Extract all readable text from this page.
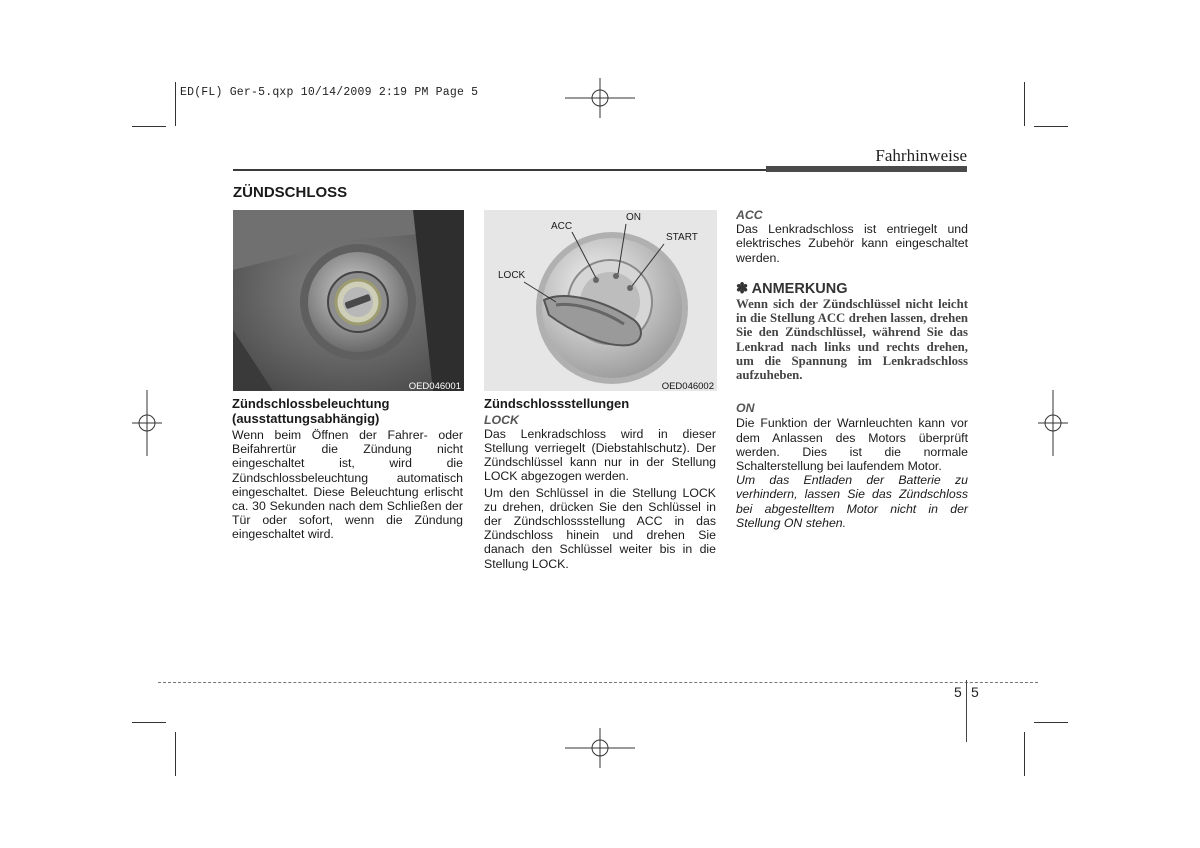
ED(FL) Ger-5.qxp 10/14/2009 2:19 PM Page 5
Fahrhinweise
ZÜNDSCHLOSS
OED046001
ON
ACC
START
LOCK
OED046002
Zündschlossbeleuchtung (ausstattungsabhängig)

Wenn beim Öffnen der Fahrer- oder Beifahrertür die Zündung nicht eingeschaltet ist, wird die Zündschlossbeleuchtung automatisch eingeschaltet. Diese Beleuchtung erlischt ca. 30 Sekunden nach dem Schließen der Tür oder sofort, wenn die Zündung eingeschaltet wird.

Zündschlossstellungen
LOCK

Das Lenkradschloss wird in dieser Stellung verriegelt (Diebstahlschutz). Der Zündschlüssel kann nur in der Stellung LOCK abgezogen werden.

Um den Schlüssel in die Stellung LOCK zu drehen, drücken Sie den Schlüssel in der Zündschlossstellung ACC in das Zündschloss hinein und drehen Sie danach den Schlüssel weiter bis in die Stellung LOCK.

ACC

Das Lenkradschloss ist entriegelt und elektrisches Zubehör kann eingeschaltet werden.

✽ ANMERKUNG

Wenn sich der Zündschlüssel nicht leicht in die Stellung ACC drehen lassen, drehen Sie den Zündschlüssel, während Sie das Lenkrad nach links und rechts drehen, um die Spannung im Lenkradschloss aufzuheben.

ON

Die Funktion der Warnleuchten kann vor dem Anlassen des Motors überprüft werden. Dies ist die normale Schalterstellung bei laufendem Motor.

Um das Entladen der Batterie zu verhindern, lassen Sie das Zündschloss bei abgestelltem Motor nicht in der Stellung ON stehen.

5 5
